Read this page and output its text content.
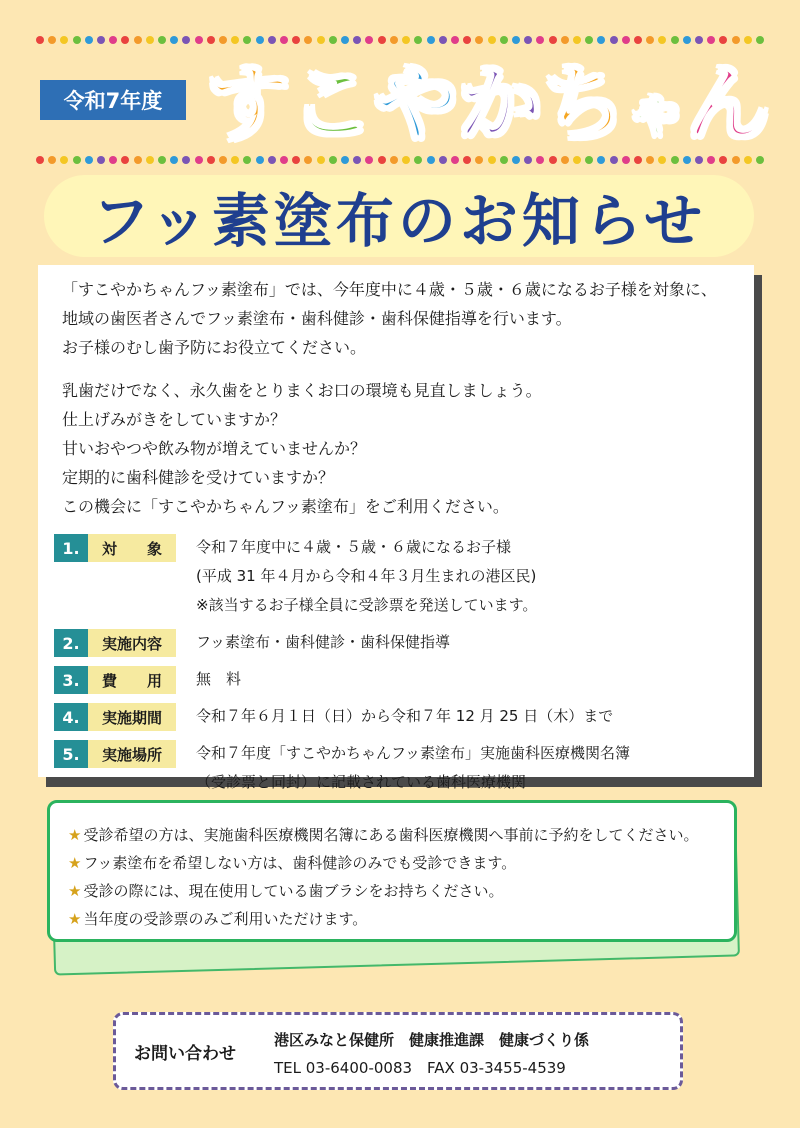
令和7年度 す こ や か ち ゃ ん
フッ素塗布のお知らせ

「すこやかちゃんフッ素塗布」では、今年度中に４歳・５歳・６歳になるお子様を対象に、

地域の歯医者さんでフッ素塗布・歯科健診・歯科保健指導を行います。

お子様のむし歯予防にお役立てください。

乳歯だけでなく、永久歯をとりまくお口の環境も見直しましょう。

仕上げみがきをしていますか？

甘いおやつや飲み物が増えていませんか？

定期的に歯科健診を受けていますか？

この機会に「すこやかちゃんフッ素塗布」をご利用ください。

1.	対　　象	令和７年度中に４歳・５歳・６歳になるお子様
(平成 31 年４月から令和４年３月生まれの港区民)
※該当するお子様全員に受診票を発送しています。
2.	実施内容	フッ素塗布・歯科健診・歯科保健指導
3.	費　　用	無　料
4.	実施期間	令和７年６月１日（日）から令和７年 12 月 25 日（木）まで
5.	実施場所	令和７年度「すこやかちゃんフッ素塗布」実施歯科医療機関名簿
（受診票と同封）に記載されている歯科医療機関
★ 受診希望の方は、実施歯科医療機関名簿にある歯科医療機関へ事前に予約をしてください。
★ フッ素塗布を希望しない方は、歯科健診のみでも受診できます。
★ 受診の際には、現在使用している歯ブラシをお持ちください。
★ 当年度の受診票のみご利用いただけます。
お問い合わせ
港区みなと保健所　健康推進課　健康づくり係
TEL 03-6400-0083　FAX 03-3455-4539
